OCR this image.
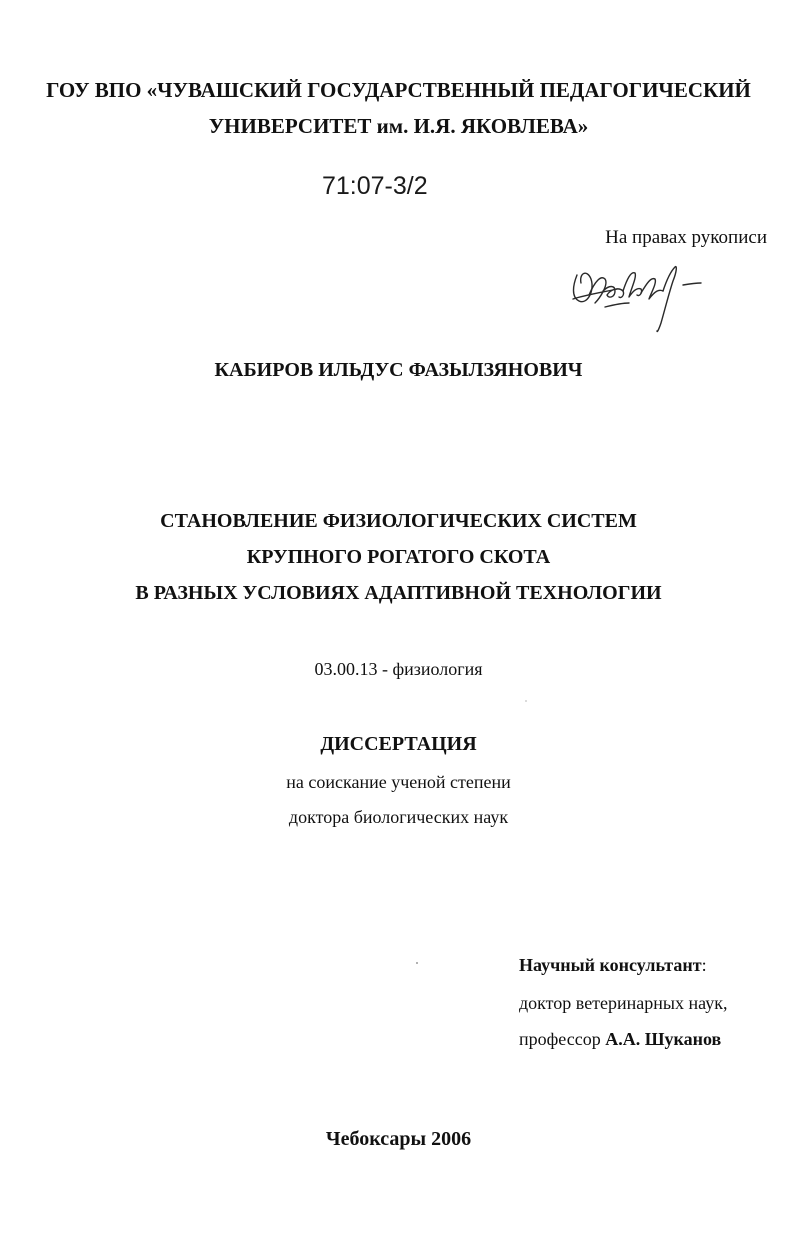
ГОУ ВПО «ЧУВАШСКИЙ ГОСУДАРСТВЕННЫЙ ПЕДАГОГИЧЕСКИЙ
УНИВЕРСИТЕТ им. И.Я. ЯКОВЛЕВА»
71:07-3/2
На правах рукописи
КАБИРОВ ИЛЬДУС ФАЗЫЛЗЯНОВИЧ
СТАНОВЛЕНИЕ ФИЗИОЛОГИЧЕСКИХ СИСТЕМ
КРУПНОГО РОГАТОГО СКОТА
В РАЗНЫХ УСЛОВИЯХ АДАПТИВНОЙ ТЕХНОЛОГИИ
03.00.13 - физиология
ДИССЕРТАЦИЯ
на соискание ученой степени
доктора биологических наук
Научный консультант:
доктор ветеринарных наук,
профессор А.А. Шуканов
Чебоксары 2006
